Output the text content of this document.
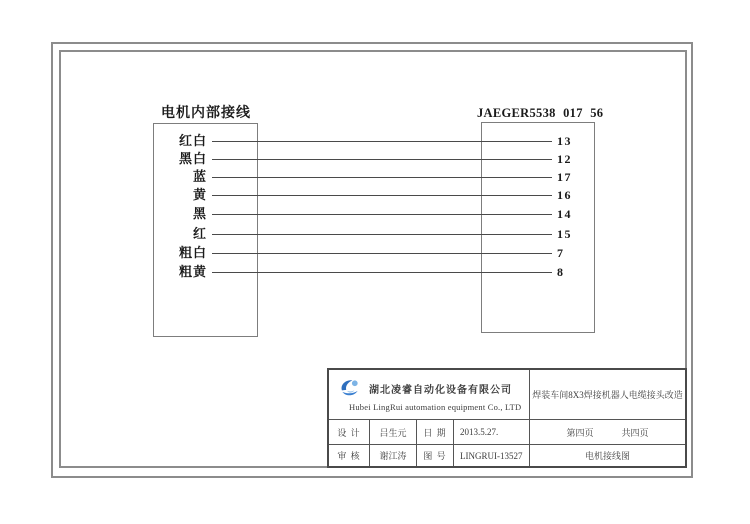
电机内部接线	JAEGER5538 017 56
红白	13
黑白	12
蓝	17
黄	16
黑	14
红	15
粗白	7
粗黄	8
湖北凌睿自动化设备有限公司
Hubei LingRui automation equipment Co., LTD
焊装车间8X3焊接机器人电缆接头改造
设 计	吕生元	日 期	2013.5.27.	第四页	共四页
审 核	谢江涛	图 号	LINGRUI-13527	电机接线图
